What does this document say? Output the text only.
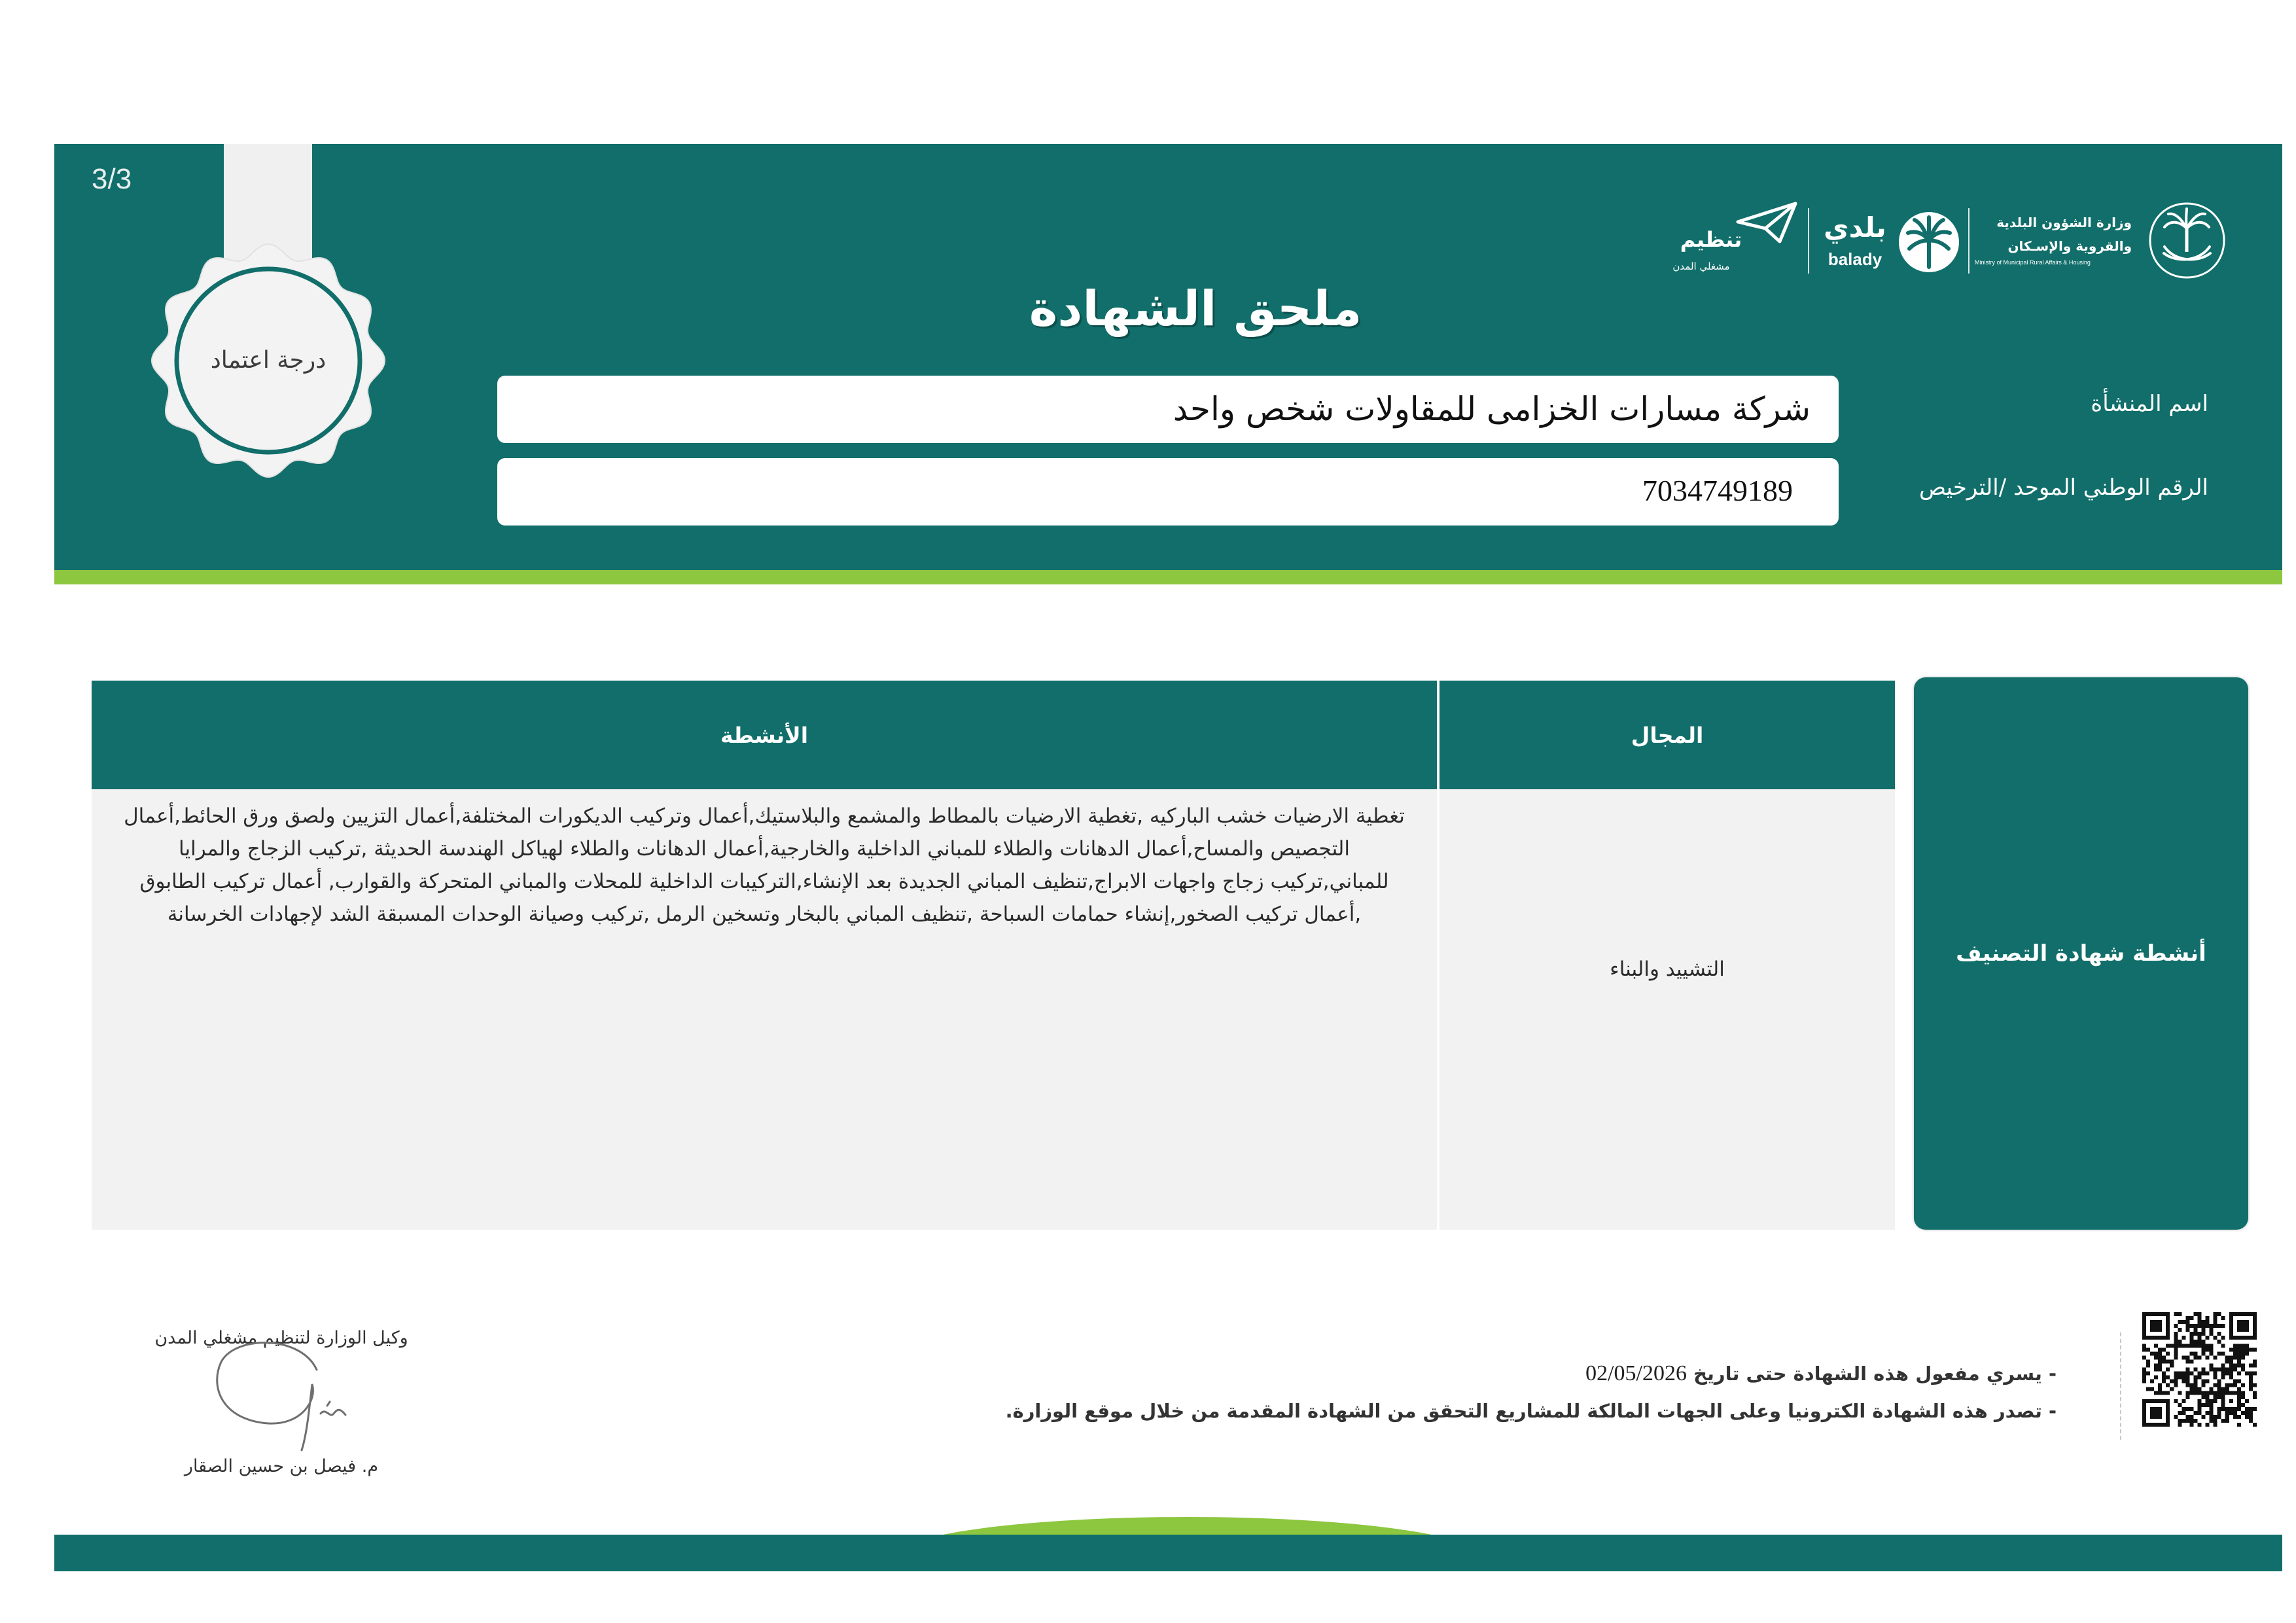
3/3
درجة اعتماد
ملحق الشهادة
وزارة الشؤون البلدية
والقروية والإسـكان
Ministry of Municipal Rural Affairs & Housing
بلدي
balady
تنظيم
مشغلي المدن
اسم المنشأة
شركة مسارات الخزامى للمقاولات شخص واحد
الرقم الوطني الموحد /الترخيص
7034749189
الأنشطة	المجال
تغطية الارضيات خشب الباركيه ,تغطية الارضيات بالمطاط والمشمع والبلاستيك,أعمال وتركيب الديكورات المختلفة,أعمال التزيين ولصق ورق الحائط,أعمال التجصيص والمساح,أعمال الدهانات والطلاء للمباني الداخلية والخارجية,أعمال الدهانات والطلاء لهياكل الهندسة الحديثة ,تركيب الزجاج والمرايا للمباني,تركيب زجاج واجهات الابراج,تنظيف المباني الجديدة بعد الإنشاء,التركيبات الداخلية للمحلات والمباني المتحركة والقوارب, أعمال تركيب الطابوق ,أعمال تركيب الصخور,إنشاء حمامات السباحة ,تنظيف المباني بالبخار وتسخين الرمل ,تركيب وصيانة الوحدات المسبقة الشد لإجهادات الخرسانة
التشييد والبناء
أنشطة شهادة التصنيف
- يسري مفعول هذه الشهادة حتى تاريخ 02/05/2026
- تصدر هذه الشهادة الكترونيا وعلى الجهات المالكة للمشاريع التحقق من الشهادة المقدمة من خلال موقع الوزارة.
وكيل الوزارة لتنظيم مشغلي المدن
م. فيصل بن حسين الصقار
